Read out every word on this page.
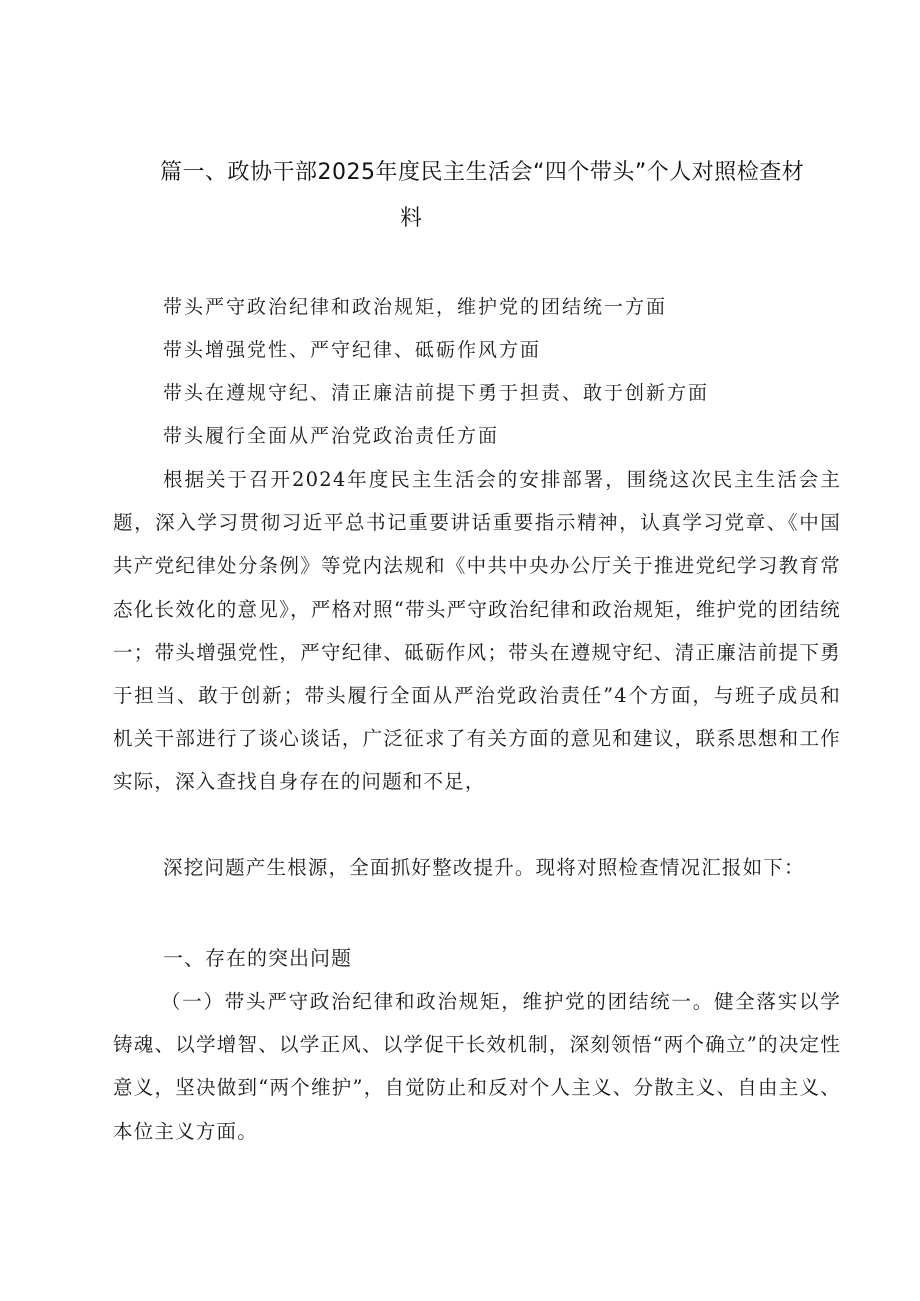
篇一、政协干部2025年度民主生活会“四个带头”个人对照检查材
料
带头严守政治纪律和政治规矩，维护党的团结统一方面
带头增强党性、严守纪律、砥砺作风方面
带头在遵规守纪、清正廉洁前提下勇于担责、敢于创新方面
带头履行全面从严治党政治责任方面
根据关于召开2024年度民主生活会的安排部署，围绕这次民主生活会主题，深入学习贯彻习近平总书记重要讲话重要指示精神，认真学习党章、《中国共产党纪律处分条例》等党内法规和《中共中央办公厅关于推进党纪学习教育常态化长效化的意见》，严格对照“带头严守政治纪律和政治规矩，维护党的团结统一；带头增强党性，严守纪律、砥砺作风；带头在遵规守纪、清正廉洁前提下勇于担当、敢于创新；带头履行全面从严治党政治责任”4个方面，与班子成员和机关干部进行了谈心谈话，广泛征求了有关方面的意见和建议，联系思想和工作实际，深入查找自身存在的问题和不足，
深挖问题产生根源，全面抓好整改提升。现将对照检查情况汇报如下：
一、存在的突出问题
（一）带头严守政治纪律和政治规矩，维护党的团结统一。健全落实以学铸魂、以学增智、以学正风、以学促干长效机制，深刻领悟“两个确立”的决定性意义，坚决做到“两个维护”，自觉防止和反对个人主义、分散主义、自由主义、本位主义方面。
